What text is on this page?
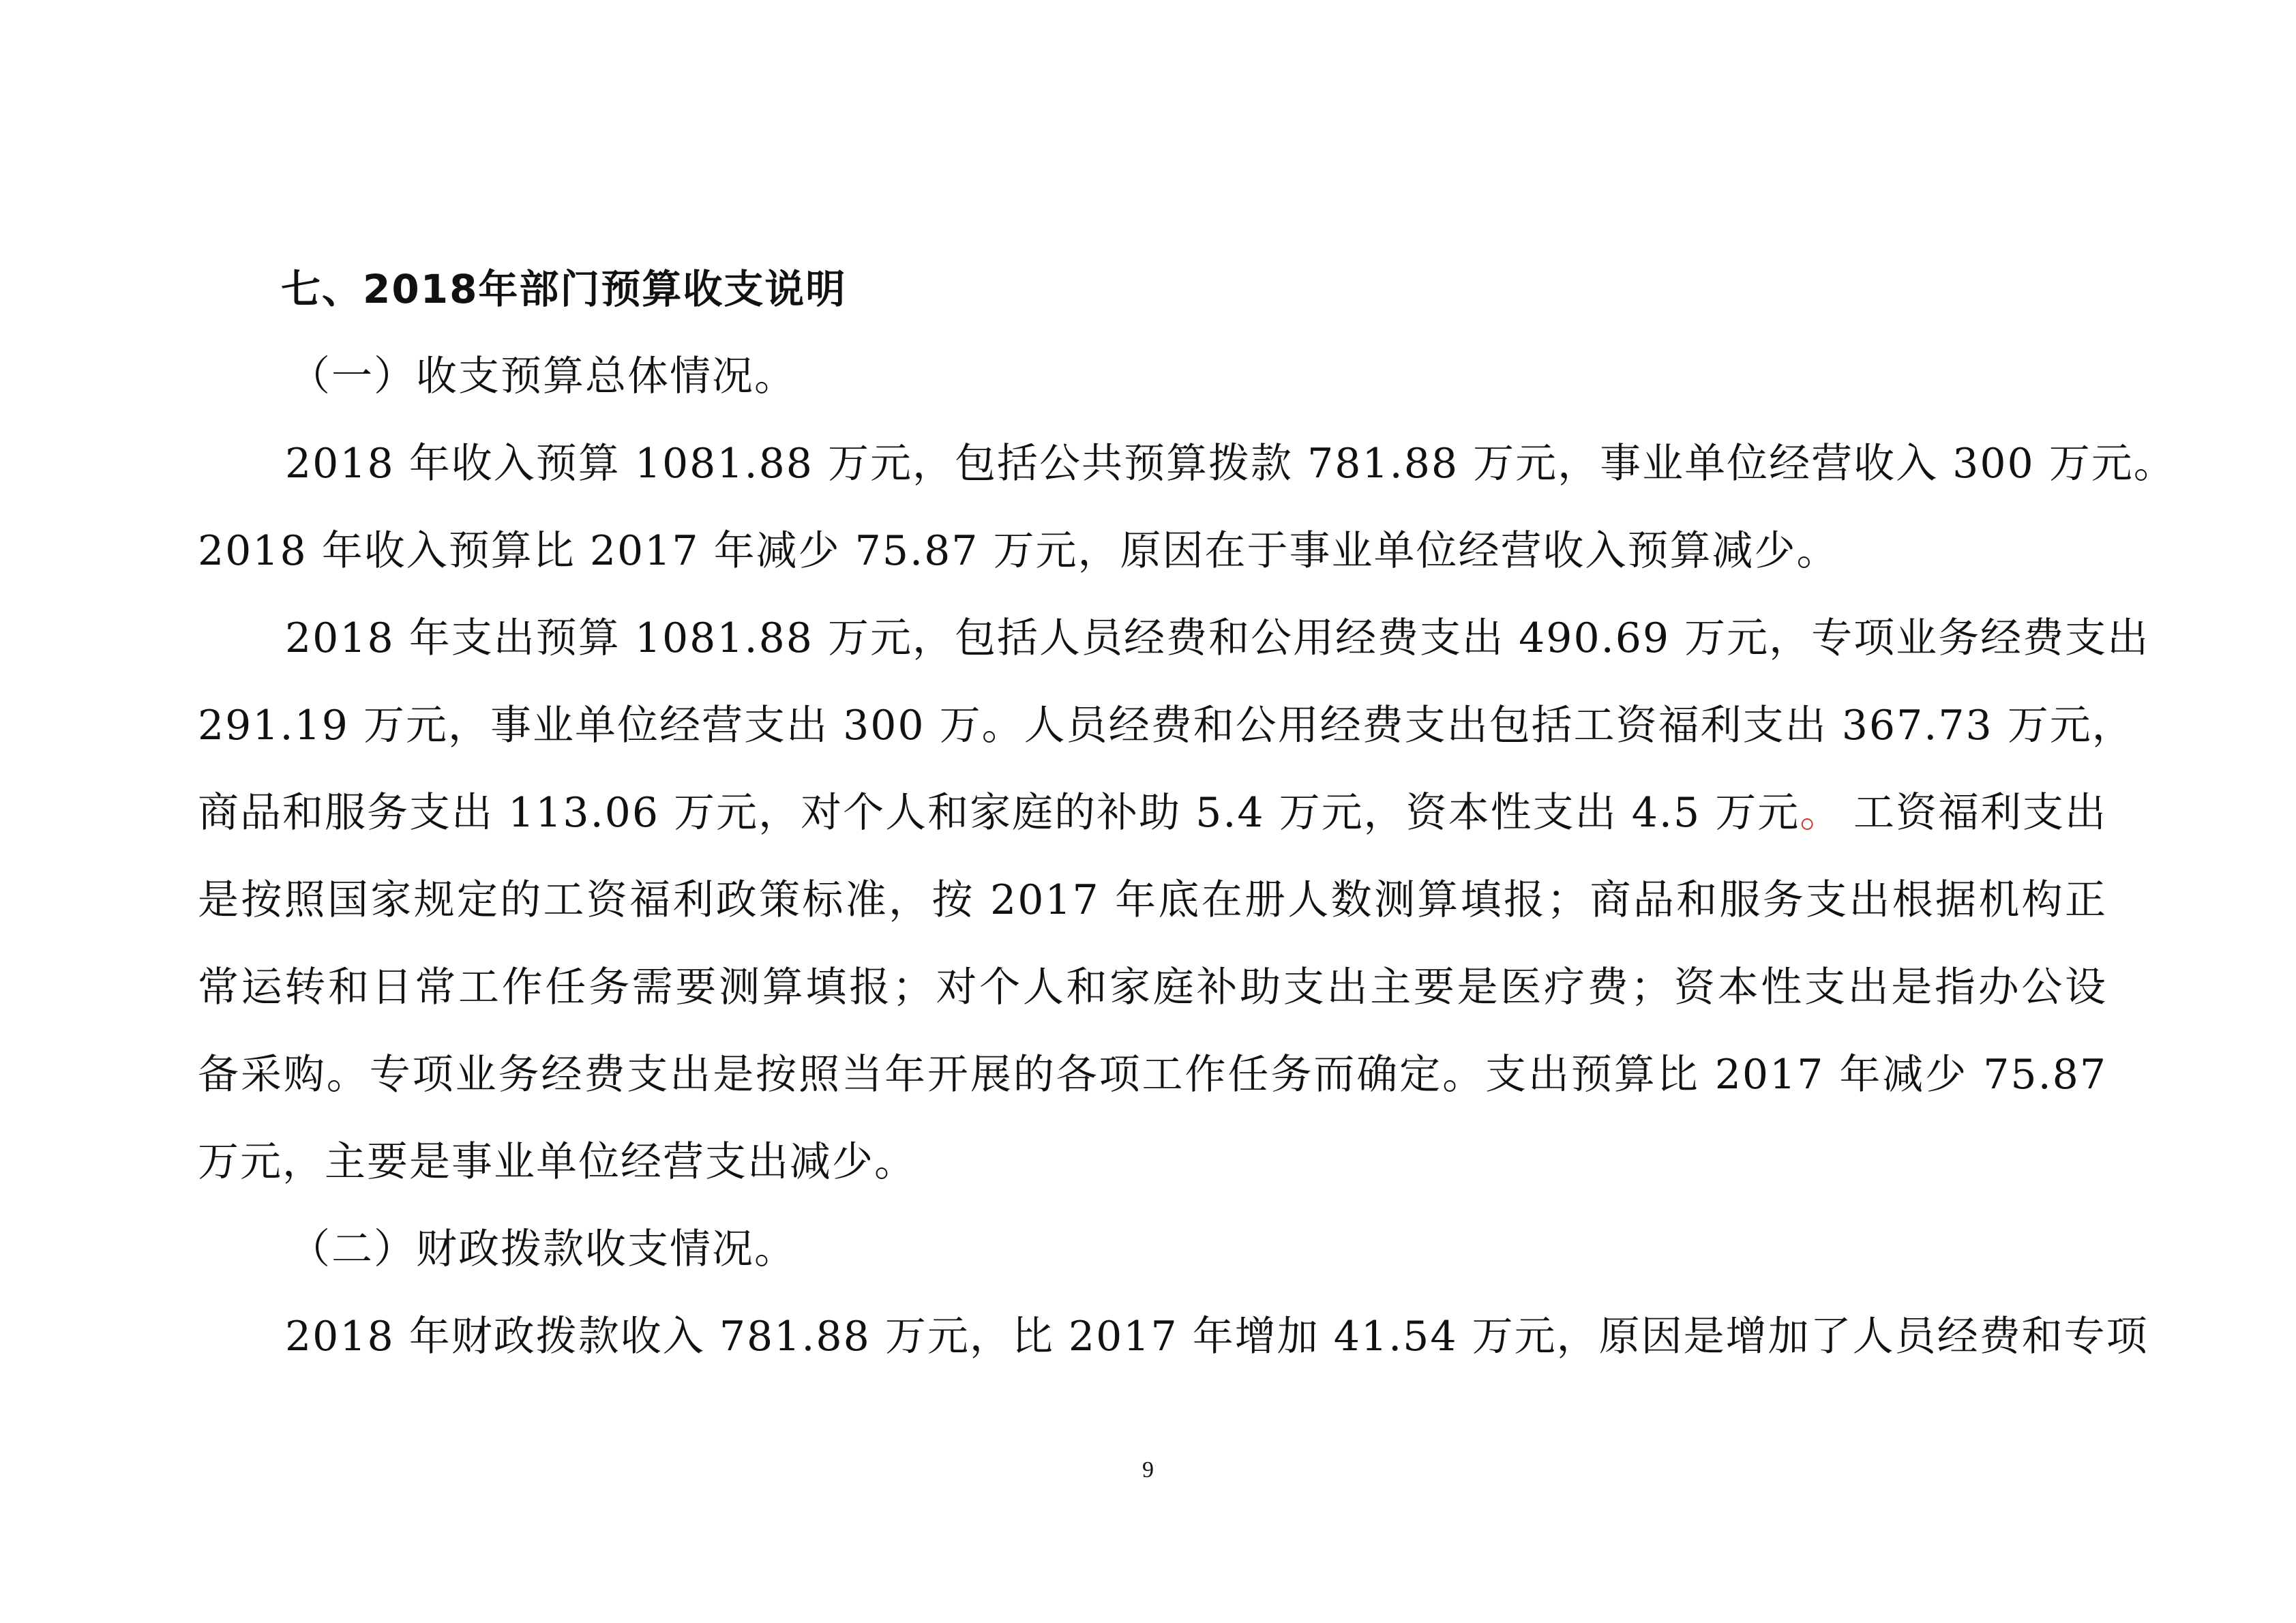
七、2018年部门预算收支说明
（一）收支预算总体情况。
2018 年收入预算 1081.88 万元，包括公共预算拨款 781.88 万元，事业单位经营收入 300 万元。
2018 年收入预算比 2017 年减少 75.87 万元，原因在于事业单位经营收入预算减少。
2018 年支出预算 1081.88 万元，包括人员经费和公用经费支出 490.69 万元，专项业务经费支出
291.19 万元，事业单位经营支出 300 万。人员经费和公用经费支出包括工资福利支出 367.73 万元，
商品和服务支出 113.06 万元，对个人和家庭的补助 5.4 万元，资本性支出 4.5 万元 。 工资福利支出
是按照国家规定的工资福利政策标准，按 2017 年底在册人数测算填报；商品和服务支出根据机构正
常运转和日常工作任务需要测算填报；对个人和家庭补助支出主要是医疗费；资本性支出是指办公设
备采购。专项业务经费支出是按照当年开展的各项工作任务而确定。支出预算比 2017 年减少 75.87
万元，主要是事业单位经营支出减少。
（二）财政拨款收支情况。
2018 年财政拨款收入 781.88 万元，比 2017 年增加 41.54 万元，原因是增加了人员经费和专项
9
